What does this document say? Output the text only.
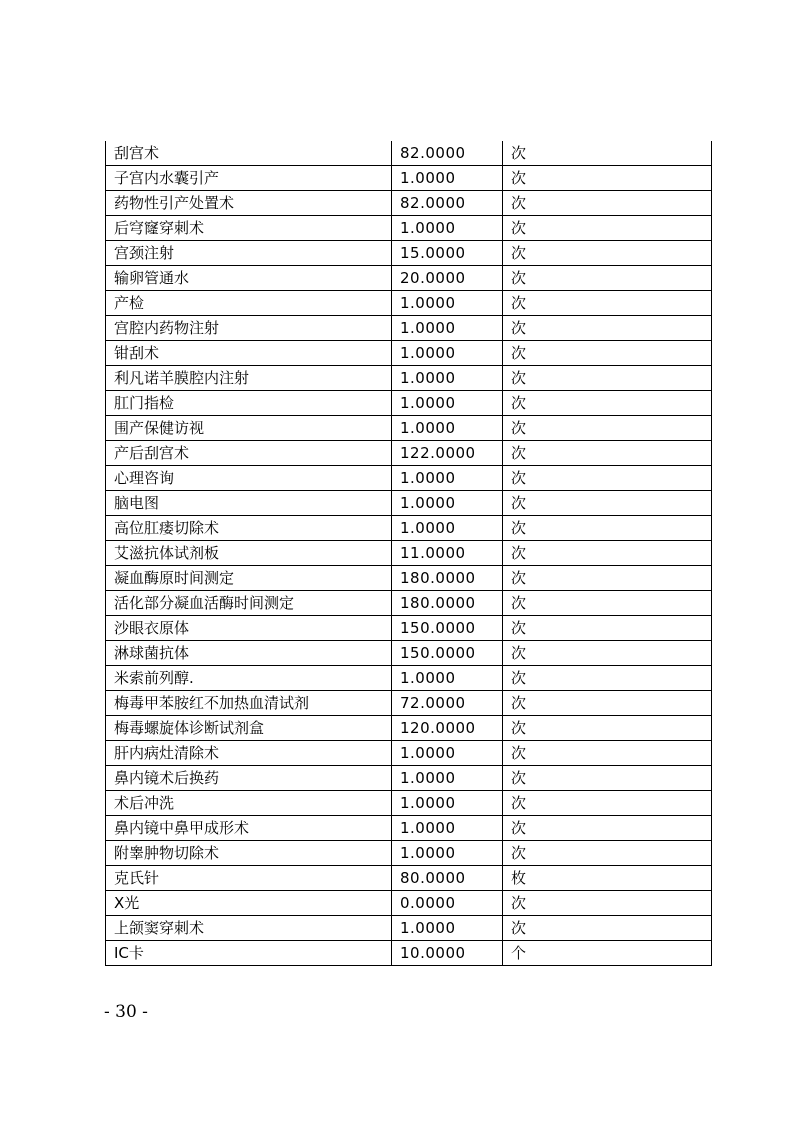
刮宫术	82.0000	次
子宫内水囊引产	1.0000	次
药物性引产处置术	82.0000	次
后穹窿穿刺术	1.0000	次
宫颈注射	15.0000	次
输卵管通水	20.0000	次
产检	1.0000	次
宫腔内药物注射	1.0000	次
钳刮术	1.0000	次
利凡诺羊膜腔内注射	1.0000	次
肛门指检	1.0000	次
围产保健访视	1.0000	次
产后刮宫术	122.0000	次
心理咨询	1.0000	次
脑电图	1.0000	次
高位肛瘘切除术	1.0000	次
艾滋抗体试剂板	11.0000	次
凝血酶原时间测定	180.0000	次
活化部分凝血活酶时间测定	180.0000	次
沙眼衣原体	150.0000	次
淋球菌抗体	150.0000	次
米索前列醇.	1.0000	次
梅毒甲苯胺红不加热血清试剂	72.0000	次
梅毒螺旋体诊断试剂盒	120.0000	次
肝内病灶清除术	1.0000	次
鼻内镜术后换药	1.0000	次
术后冲洗	1.0000	次
鼻内镜中鼻甲成形术	1.0000	次
附睾肿物切除术	1.0000	次
克氏针	80.0000	枚
X光	0.0000	次
上颌窦穿刺术	1.0000	次
IC卡	10.0000	个
- 30 -
